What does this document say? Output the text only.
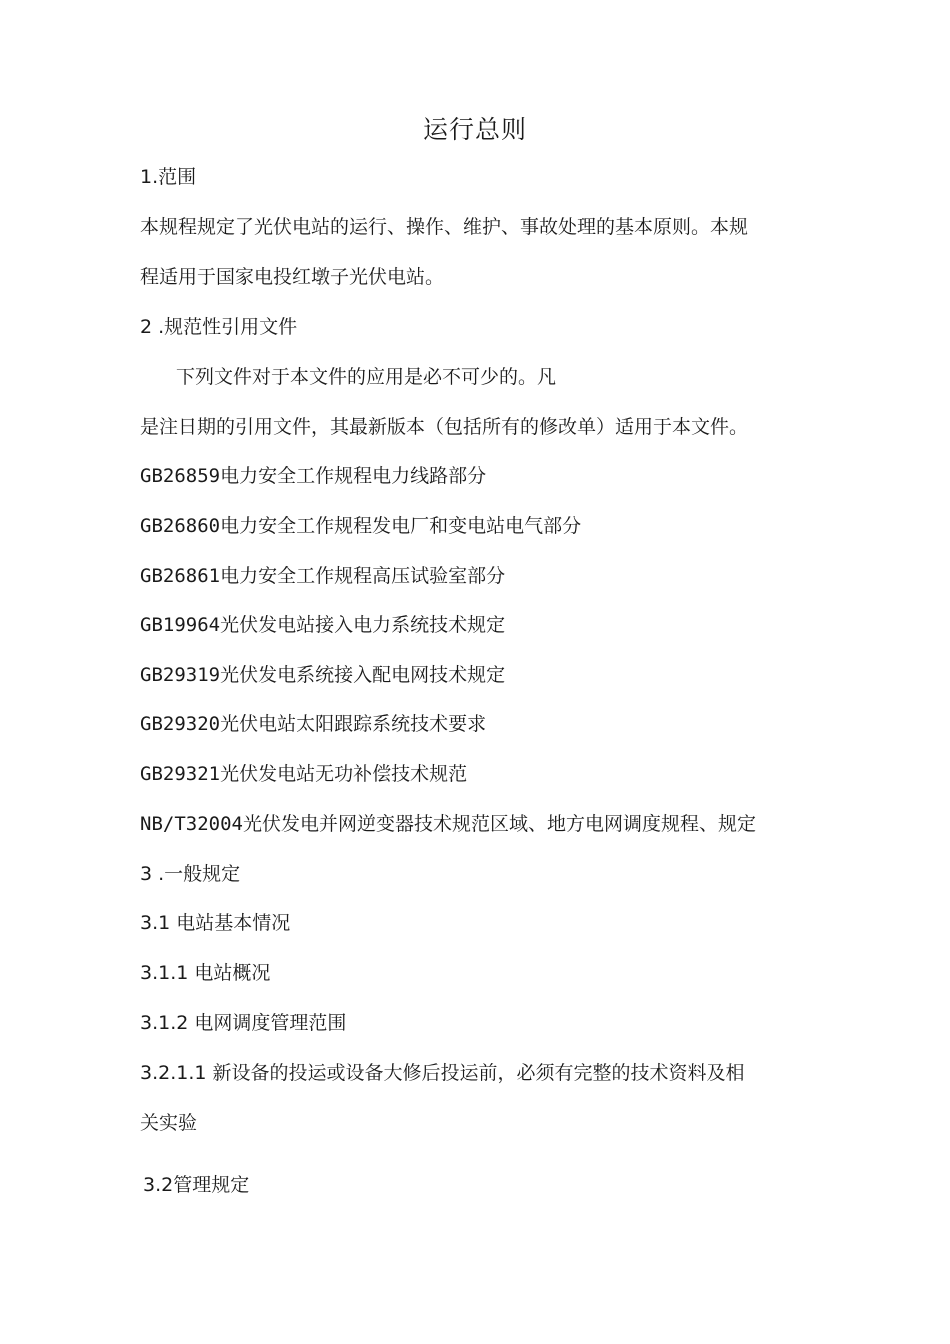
运行总则
1.范围
本规程规定了光伏电站的运行、操作、维护、事故处理的基本原则。本规
程适用于国家电投红墩子光伏电站。
2 .规范性引用文件
下列文件对于本文件的应用是必不可少的。凡
是注日期的引用文件，其最新版本（包括所有的修改单）适用于本文件。
GB26859电力安全工作规程电力线路部分
GB26860电力安全工作规程发电厂和变电站电气部分
GB26861电力安全工作规程高压试验室部分
GB19964光伏发电站接入电力系统技术规定
GB29319光伏发电系统接入配电网技术规定
GB29320光伏电站太阳跟踪系统技术要求
GB29321光伏发电站无功补偿技术规范
NB/T32004光伏发电并网逆变器技术规范区域、地方电网调度规程、规定
3 .一般规定
3.1 电站基本情况
3.1.1 电站概况
3.1.2 电网调度管理范围
3.2.1.1 新设备的投运或设备大修后投运前，必须有完整的技术资料及相
关实验
3.2管理规定
